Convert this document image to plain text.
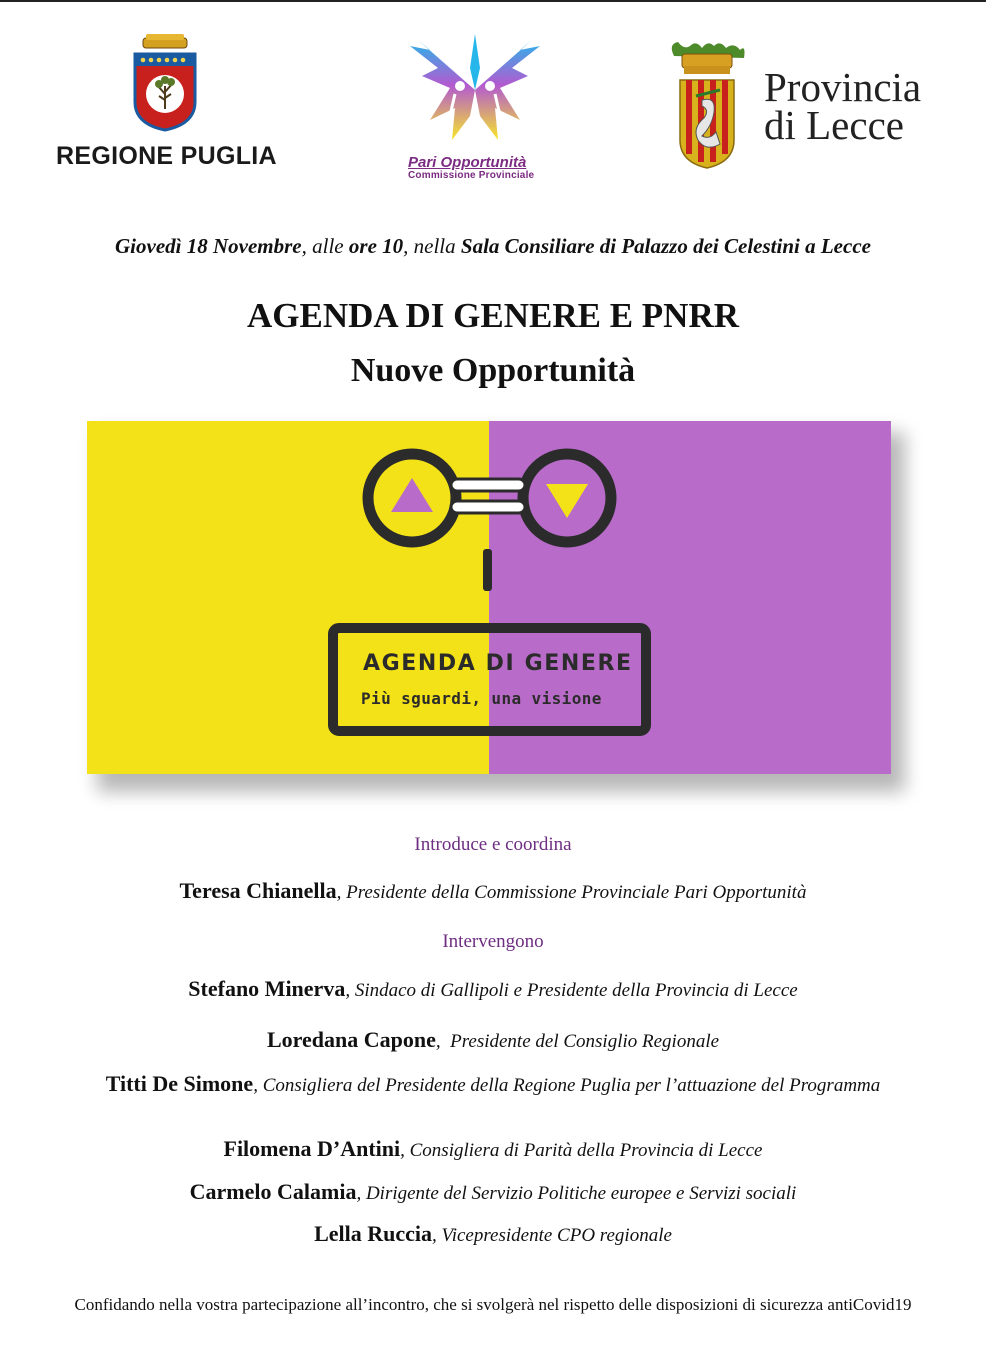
REGIONE PUGLIA	Pari Opportunità
Commissione Provinciale
Provincia
di Lecce
Giovedì 18 Novembre, alle ore 10, nella Sala Consiliare di Palazzo dei Celestini a Lecce
AGENDA DI GENERE E PNRR
Nuove Opportunità
AGENDA DI GENERE
Più sguardi, una visione
Introduce e coordina
Teresa Chianella, Presidente della Commissione Provinciale Pari Opportunità
Intervengono
Stefano Minerva, Sindaco di Gallipoli e Presidente della Provincia di Lecce
Loredana Capone,  Presidente del Consiglio Regionale
Titti De Simone, Consigliera del Presidente della Regione Puglia per l’attuazione del Programma
Filomena D’Antini, Consigliera di Parità della Provincia di Lecce
Carmelo Calamia, Dirigente del Servizio Politiche europee e Servizi sociali
Lella Ruccia, Vicepresidente CPO regionale
Confidando nella vostra partecipazione all’incontro, che si svolgerà nel rispetto delle disposizioni di sicurezza antiCovid19
